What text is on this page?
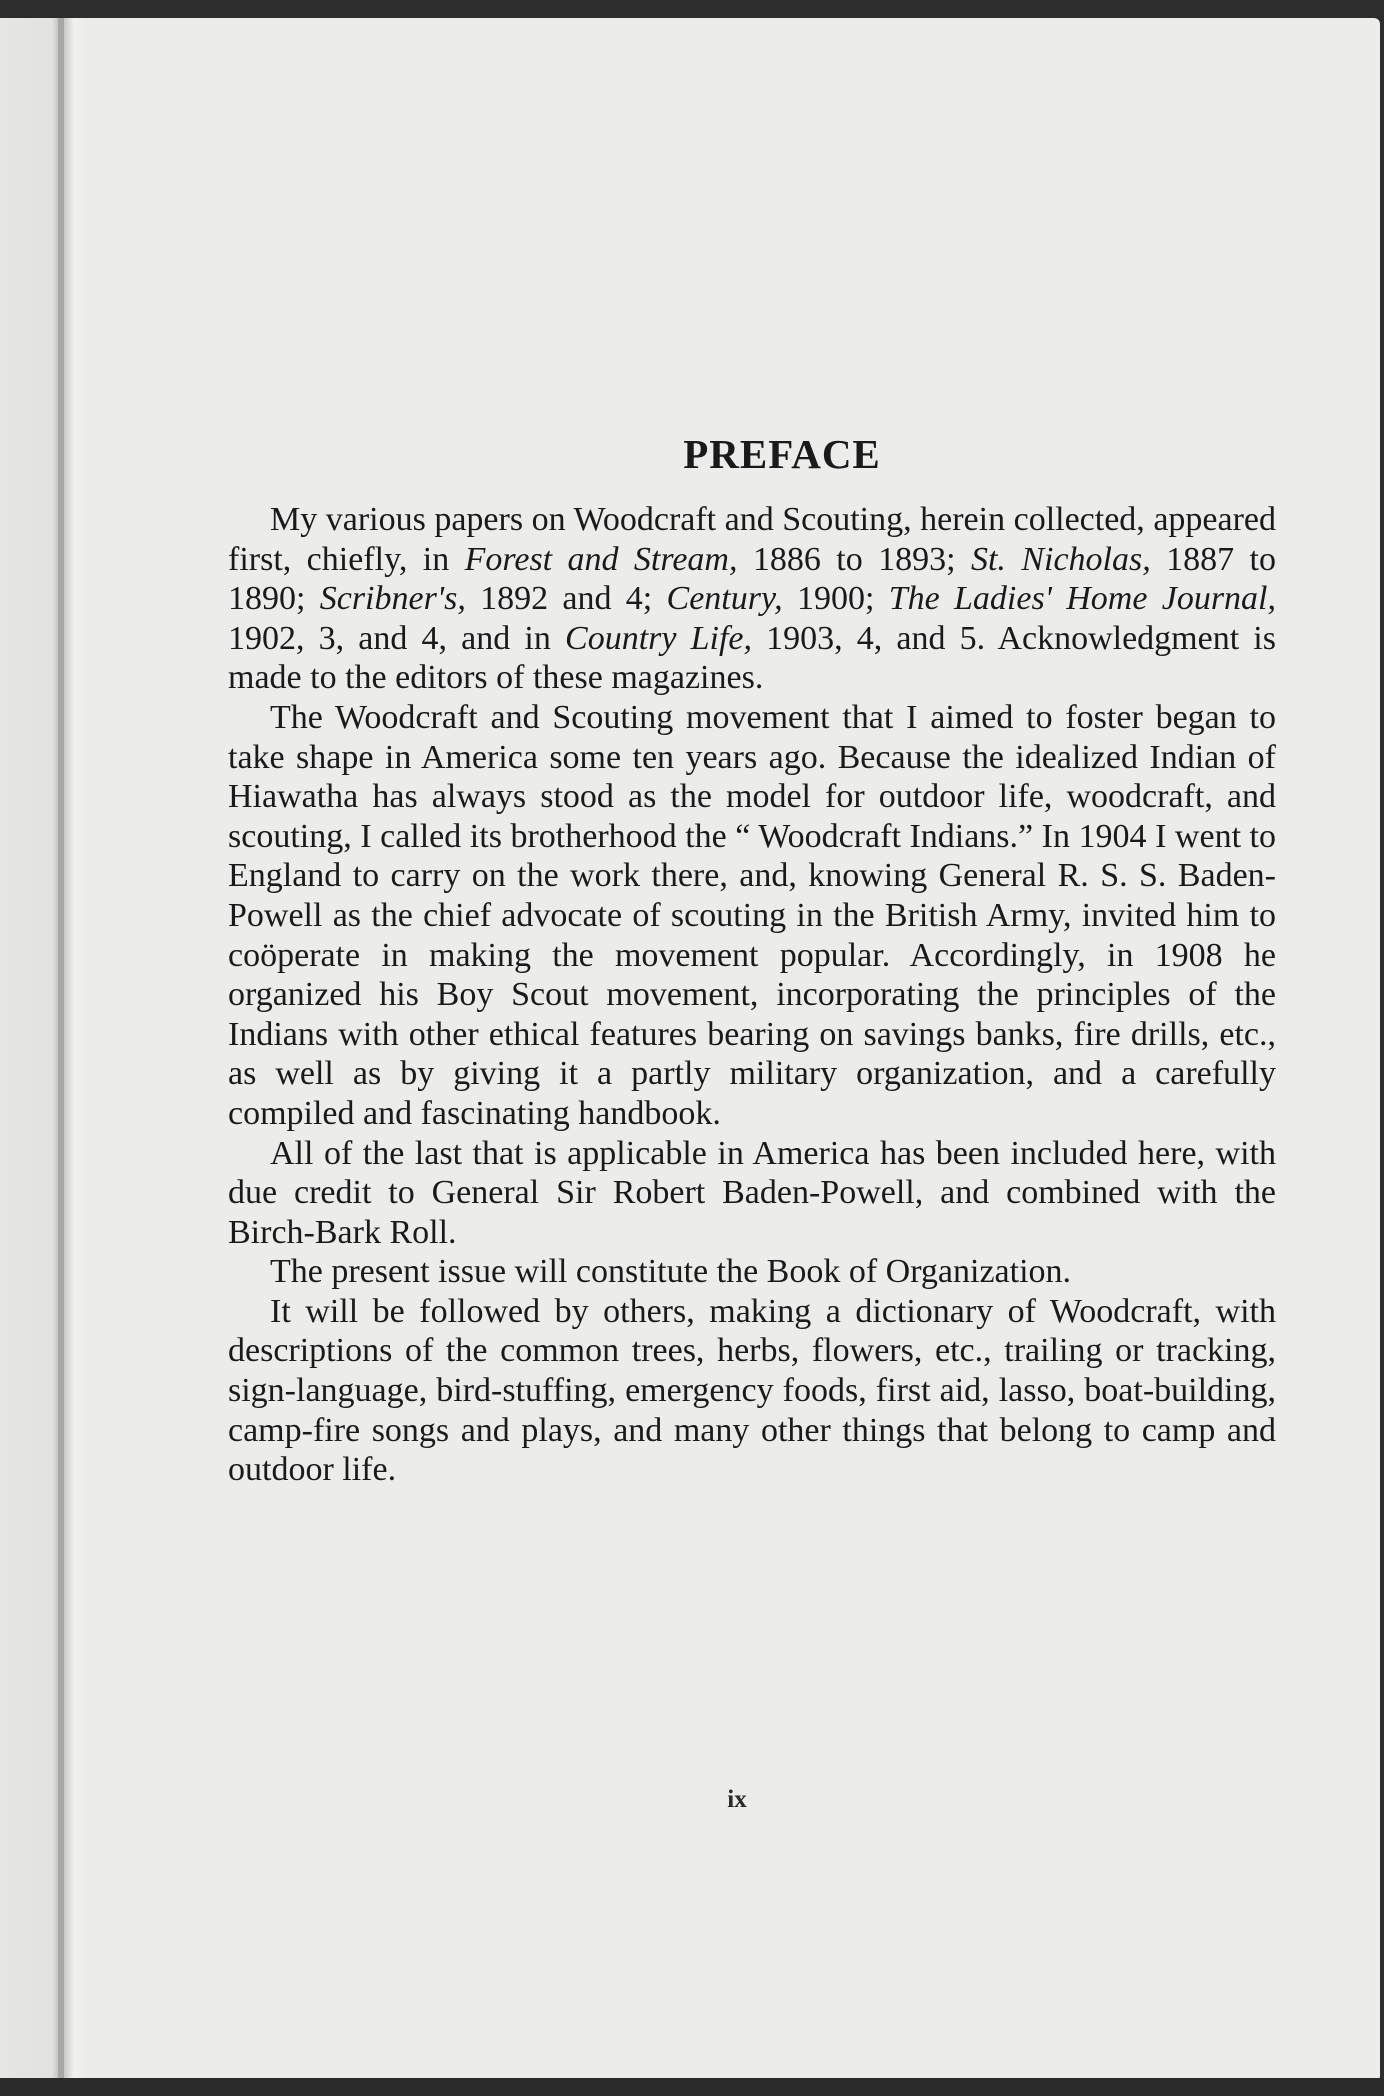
PREFACE

My various papers on Woodcraft and Scouting, herein collected, appeared first, chiefly, in Forest and Stream, 1886 to 1893; St. Nicholas, 1887 to 1890; Scribner's, 1892 and 4; Century, 1900; The Ladies' Home Journal, 1902, 3, and 4, and in Country Life, 1903, 4, and 5. Acknowledgment is made to the editors of these magazines.

The Woodcraft and Scouting movement that I aimed to foster began to take shape in America some ten years ago. Because the idealized Indian of Hiawatha has always stood as the model for outdoor life, woodcraft, and scouting, I called its brotherhood the “ Woodcraft Indians.” In 1904 I went to England to carry on the work there, and, knowing General R. S. S. Baden-Powell as the chief advocate of scouting in the British Army, invited him to coöperate in making the movement popular. Accordingly, in 1908 he organized his Boy Scout movement, incorporating the principles of the Indians with other ethical features bearing on savings banks, fire drills, etc., as well as by giving it a partly military organization, and a carefully compiled and fascinating handbook.

All of the last that is applicable in America has been included here, with due credit to General Sir Robert Baden-Powell, and combined with the Birch-Bark Roll.

The present issue will constitute the Book of Organization.

It will be followed by others, making a dictionary of Woodcraft, with descriptions of the common trees, herbs, flowers, etc., trailing or tracking, sign-language, bird-stuffing, emergency foods, first aid, lasso, boat-building, camp-fire songs and plays, and many other things that belong to camp and outdoor life.

ix
